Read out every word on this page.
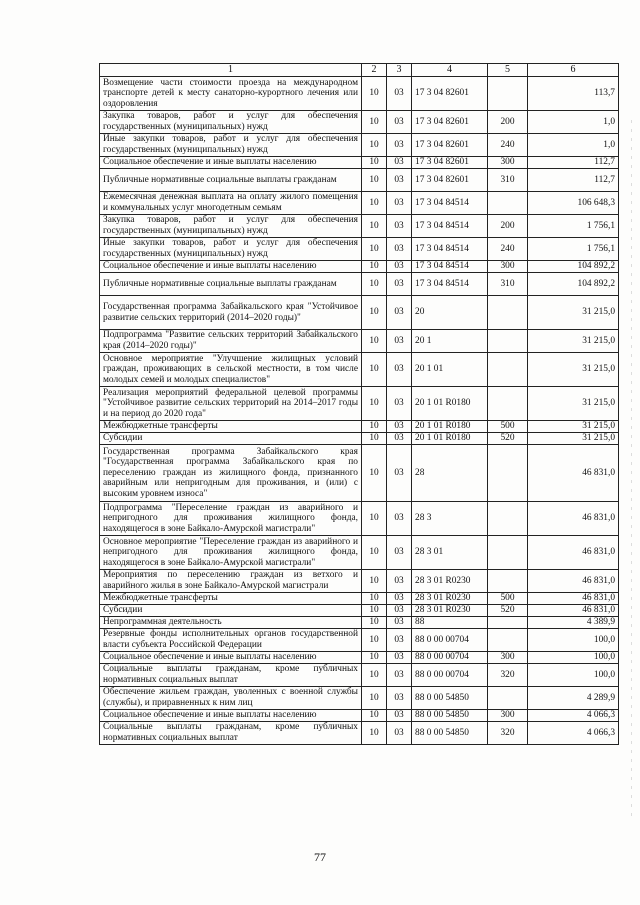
1	2	3	4	5	6
Возмещение части стоимости проезда на международном транспорте детей к месту санаторно-курортного лечения или оздоровления	10	03	17 3 04 82601		113,7
Закупка товаров, работ и услуг для обеспечения государственных (муниципальных) нужд	10	03	17 3 04 82601	200	1,0
Иные закупки товаров, работ и услуг для обеспечения государственных (муниципальных) нужд	10	03	17 3 04 82601	240	1,0
Социальное обеспечение и иные выплаты населению	10	03	17 3 04 82601	300	112,7
Публичные нормативные социальные выплаты гражданам	10	03	17 3 04 82601	310	112,7
Ежемесячная денежная выплата на оплату жилого помещения и коммунальных услуг многодетным семьям	10	03	17 3 04 84514		106 648,3
Закупка товаров, работ и услуг для обеспечения государственных (муниципальных) нужд	10	03	17 3 04 84514	200	1 756,1
Иные закупки товаров, работ и услуг для обеспечения государственных (муниципальных) нужд	10	03	17 3 04 84514	240	1 756,1
Социальное обеспечение и иные выплаты населению	10	03	17 3 04 84514	300	104 892,2
Публичные нормативные социальные выплаты гражданам	10	03	17 3 04 84514	310	104 892,2
Государственная программа Забайкальского края "Устойчивое развитие сельских территорий (2014–2020 годы)"	10	03	20		31 215,0
Подпрограмма "Развитие сельских территорий Забайкальского края (2014–2020 годы)"	10	03	20 1		31 215,0
Основное мероприятие "Улучшение жилищных условий граждан, проживающих в сельской местности, в том числе молодых семей и молодых специалистов"	10	03	20 1 01		31 215,0
Реализация мероприятий федеральной целевой программы "Устойчивое развитие сельских территорий на 2014–2017 годы и на период до 2020 года"	10	03	20 1 01 R0180		31 215,0
Межбюджетные трансферты	10	03	20 1 01 R0180	500	31 215,0
Субсидии	10	03	20 1 01 R0180	520	31 215,0
Государственная программа Забайкальского края "Государственная программа Забайкальского края по переселению граждан из жилищного фонда, признанного аварийным или непригодным для проживания, и (или) с высоким уровнем износа"	10	03	28		46 831,0
Подпрограмма "Переселение граждан из аварийного и непригодного для проживания жилищного фонда, находящегося в зоне Байкало-Амурской магистрали"	10	03	28 3		46 831,0
Основное мероприятие "Переселение граждан из аварийного и непригодного для проживания жилищного фонда, находящегося в зоне Байкало-Амурской магистрали"	10	03	28 3 01		46 831,0
Мероприятия по переселению граждан из ветхого и аварийного жилья в зоне Байкало-Амурской магистрали	10	03	28 3 01 R0230		46 831,0
Межбюджетные трансферты	10	03	28 3 01 R0230	500	46 831,0
Субсидии	10	03	28 3 01 R0230	520	46 831,0
Непрограммная деятельность	10	03	88		4 389,9
Резервные фонды исполнительных органов государственной власти субъекта Российской Федерации	10	03	88 0 00 00704		100,0
Социальное обеспечение и иные выплаты населению	10	03	88 0 00 00704	300	100,0
Социальные выплаты гражданам, кроме публичных нормативных социальных выплат	10	03	88 0 00 00704	320	100,0
Обеспечение жильем граждан, уволенных с военной службы (службы), и приравненных к ним лиц	10	03	88 0 00 54850		4 289,9
Социальное обеспечение и иные выплаты населению	10	03	88 0 00 54850	300	4 066,3
Социальные выплаты гражданам, кроме публичных нормативных социальных выплат	10	03	88 0 00 54850	320	4 066,3
77
